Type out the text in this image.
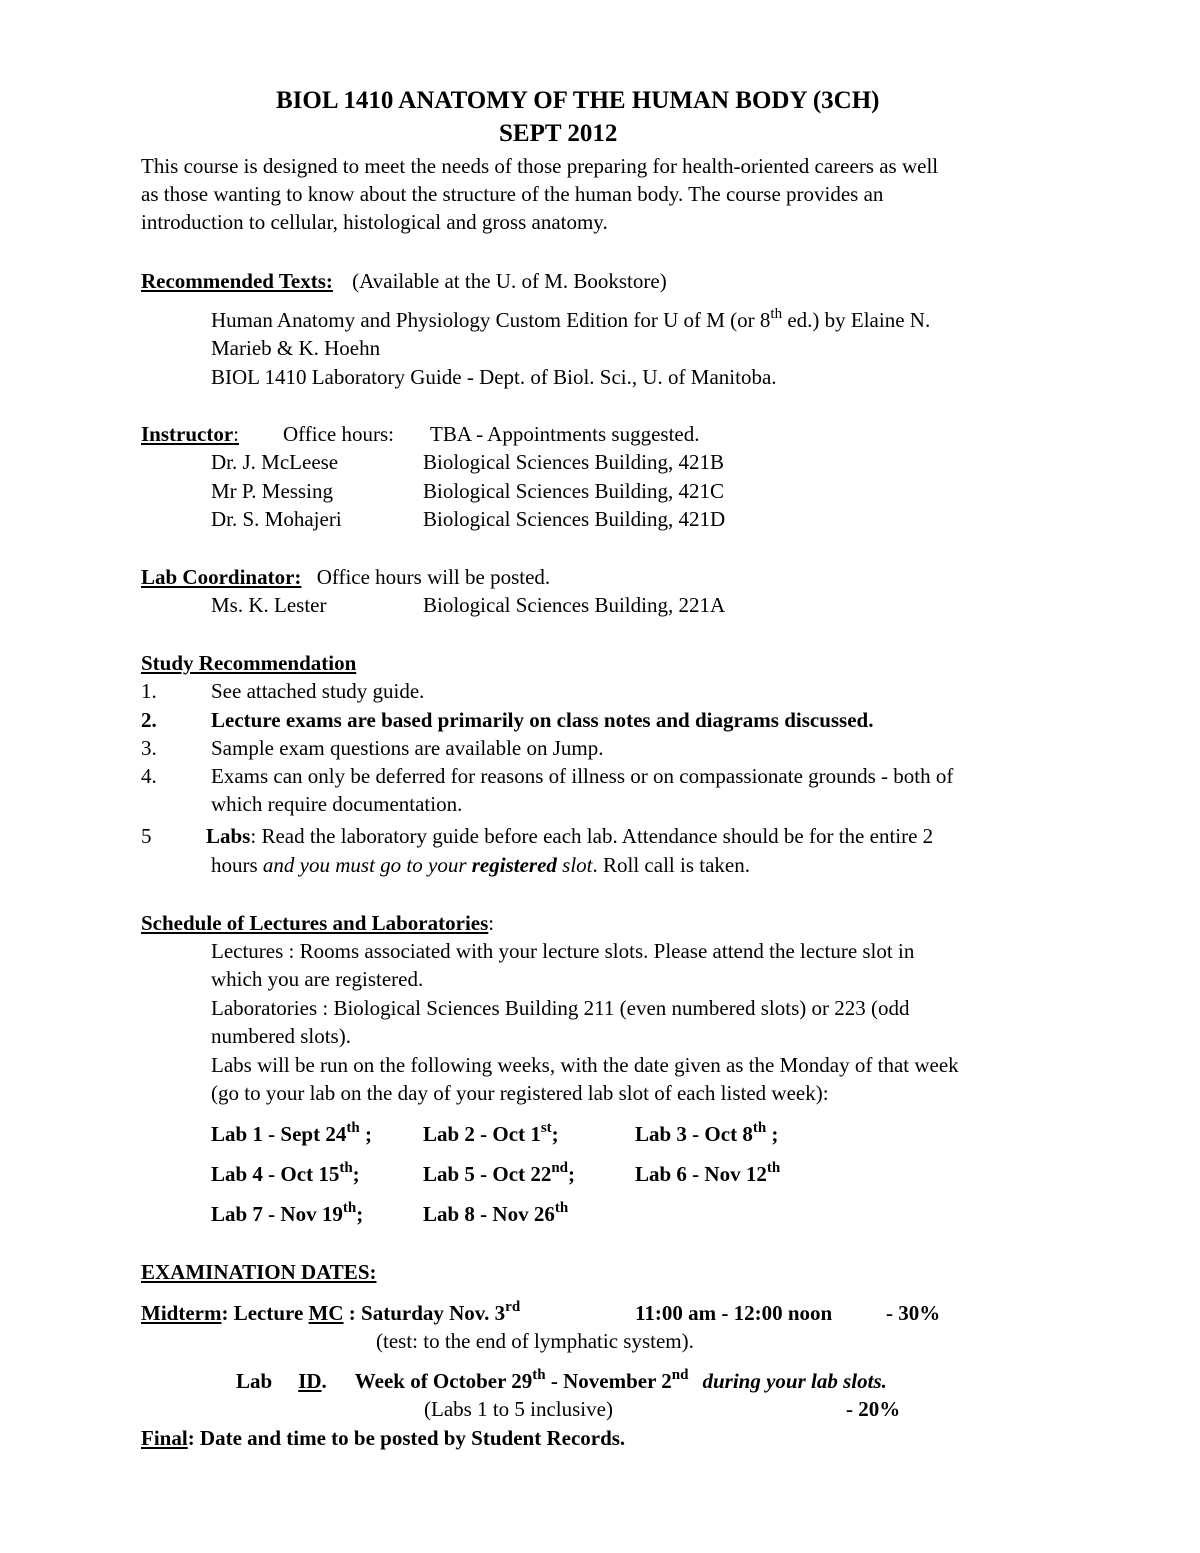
BIOL 1410 ANATOMY OF THE HUMAN BODY (3CH)
SEPT 2012
This course is designed to meet the needs of those preparing for health-oriented careers as well
as those wanting to know about the structure of the human body. The course provides an
introduction to cellular, histological and gross anatomy.
Recommended Texts: (Available at the U. of M. Bookstore)
Human Anatomy and Physiology Custom Edition for U of M (or 8th ed.) by Elaine N.
Marieb & K. Hoehn
BIOL 1410 Laboratory Guide - Dept. of Biol. Sci., U. of Manitoba.
Instructor: Office hours: TBA - Appointments suggested.
Dr. J. McLeese	Biological Sciences Building, 421B
Mr P. Messing	Biological Sciences Building, 421C
Dr. S. Mohajeri	Biological Sciences Building, 421D
Lab Coordinator: Office hours will be posted.
Ms. K. Lester	Biological Sciences Building, 221A
Study Recommendation
1.	See attached study guide.
2.	Lecture exams are based primarily on class notes and diagrams discussed.
3.	Sample exam questions are available on Jump.
4.	Exams can only be deferred for reasons of illness or on compassionate grounds - both of
which require documentation.
5	Labs: Read the laboratory guide before each lab. Attendance should be for the entire 2
hours and you must go to your registered slot. Roll call is taken.
Schedule of Lectures and Laboratories:
Lectures : Rooms associated with your lecture slots. Please attend the lecture slot in
which you are registered.
Laboratories : Biological Sciences Building 211 (even numbered slots) or 223 (odd
numbered slots).
Labs will be run on the following weeks, with the date given as the Monday of that week
(go to your lab on the day of your registered lab slot of each listed week):
Lab 1 - Sept 24th ; Lab 2 - Oct 1st;	Lab 3 - Oct 8th ;
Lab 4 - Oct 15th;	Lab 5 - Oct 22nd;	Lab 6 - Nov 12th
Lab 7 - Nov 19th;	Lab 8 - Nov 26th
EXAMINATION DATES:
Midterm: Lecture MC : Saturday Nov. 3rd	11:00 am - 12:00 noon	- 30%
(test: to the end of lymphatic system).
Lab ID. Week of October 29th - November 2nd during your lab slots.
(Labs 1 to 5 inclusive)	- 20%
Final: Date and time to be posted by Student Records.
